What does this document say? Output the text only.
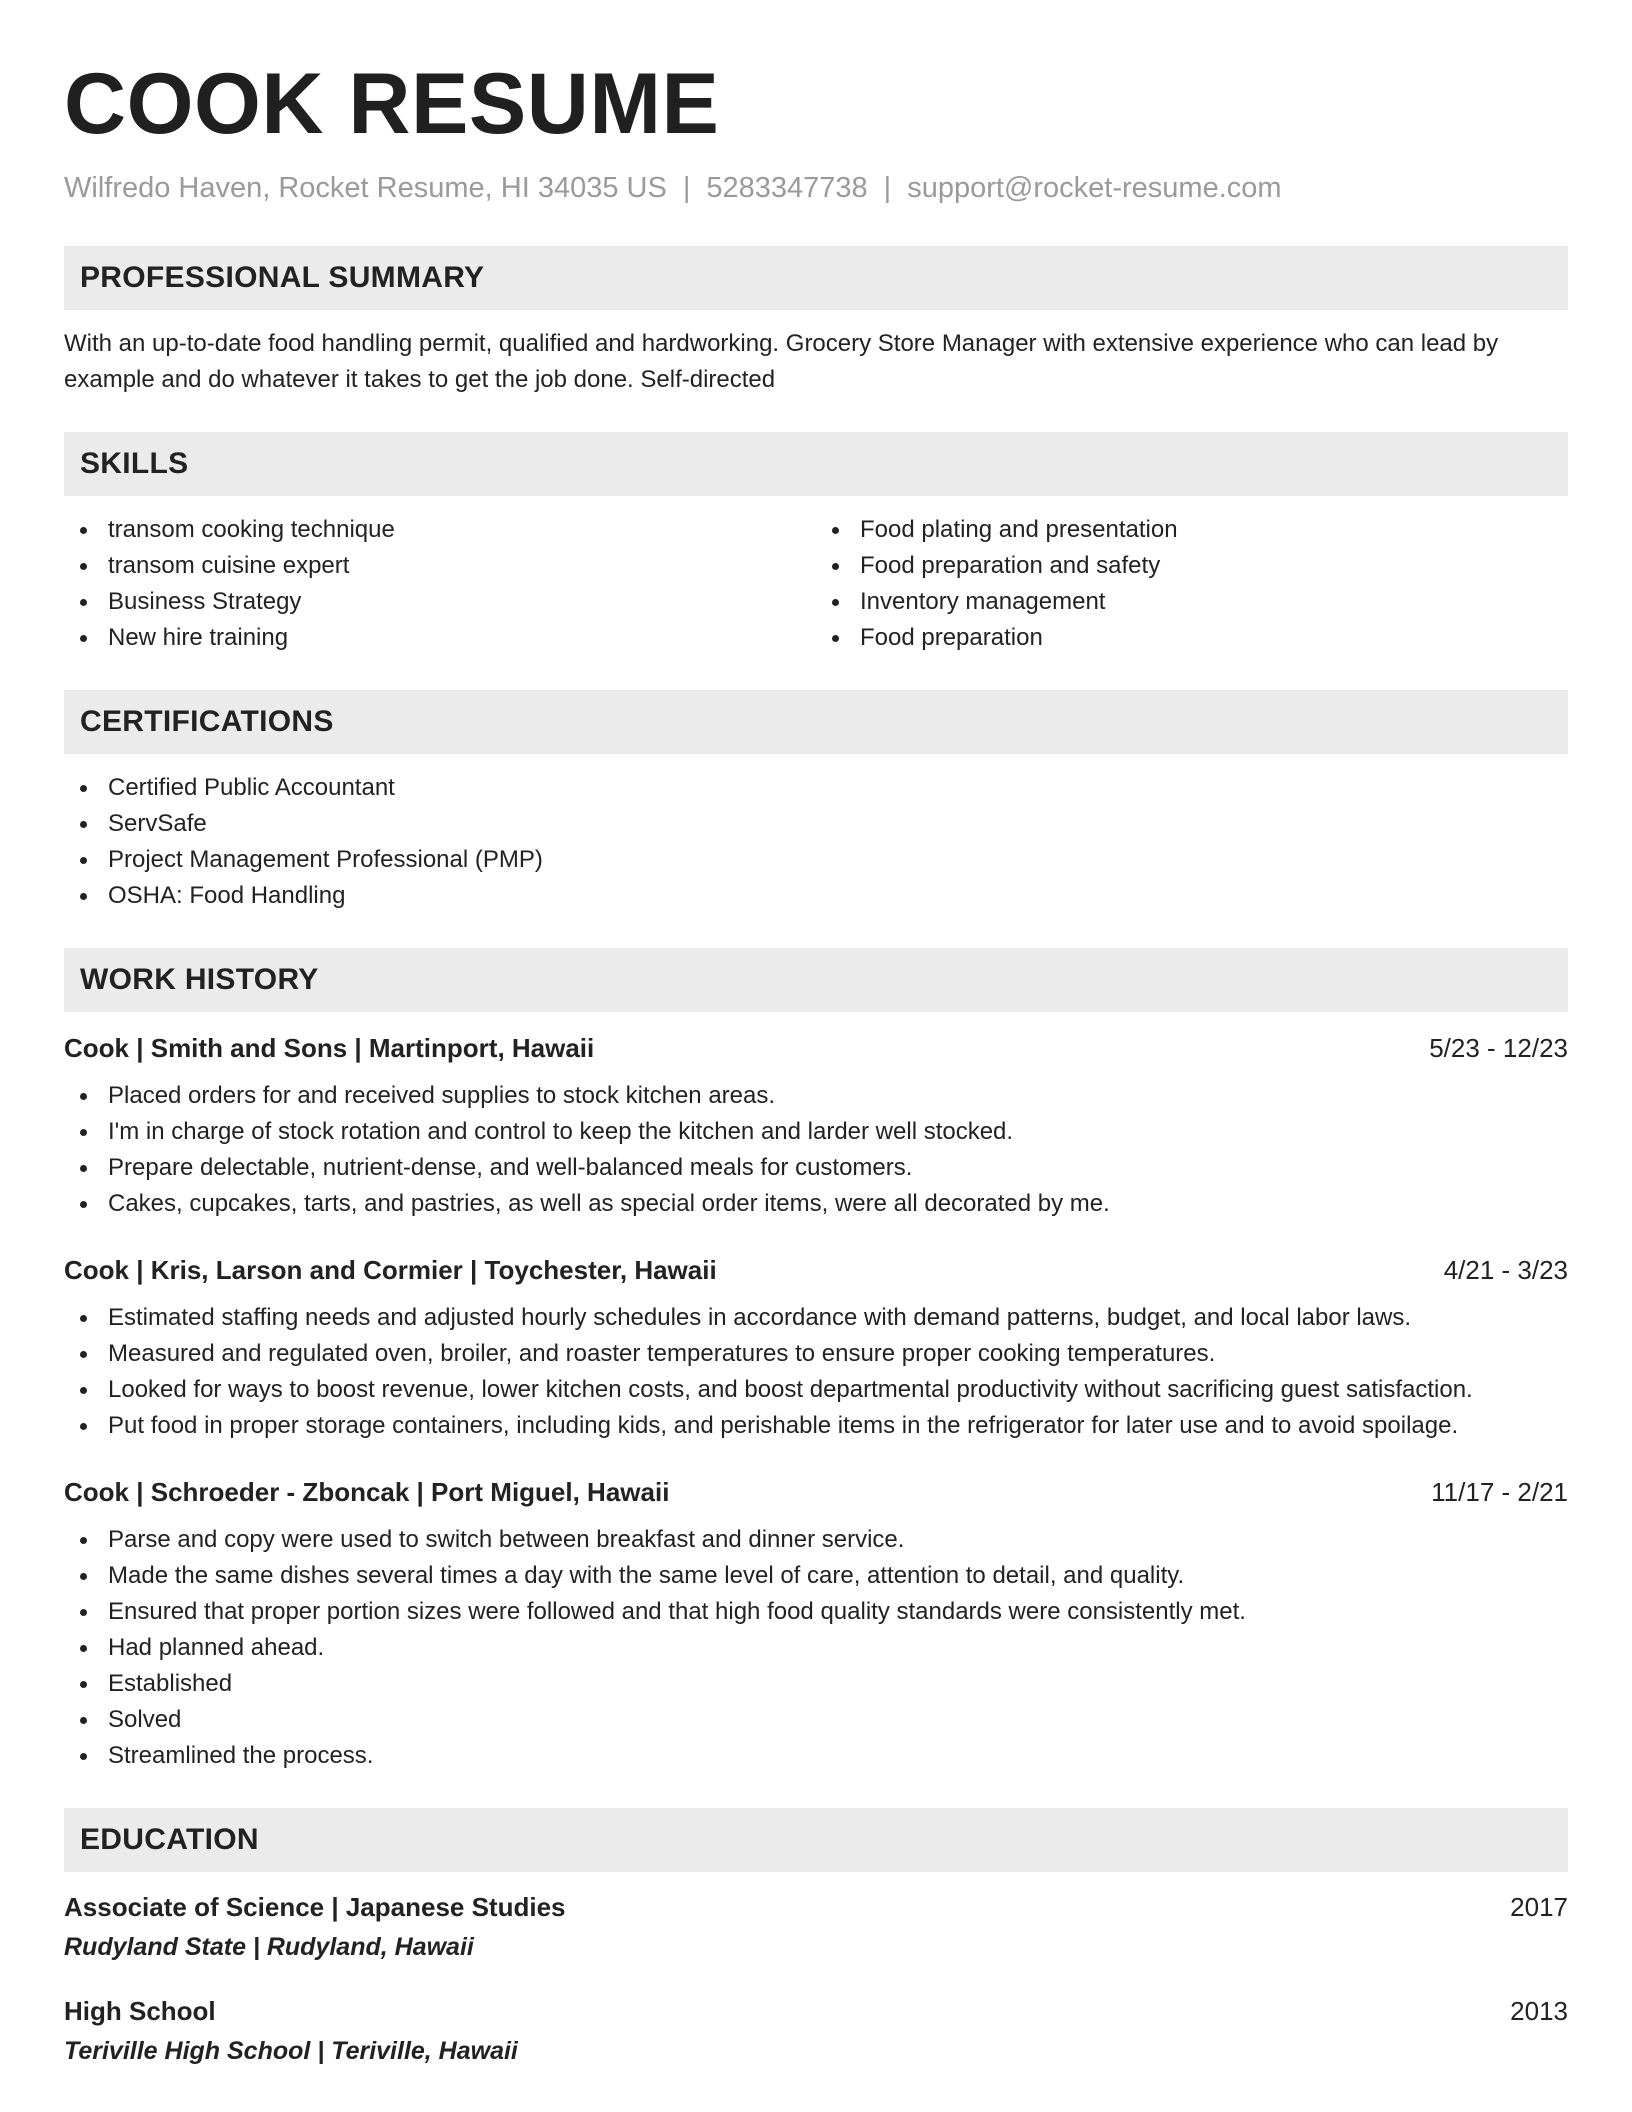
COOK RESUME
Wilfredo Haven, Rocket Resume, HI 34035 US | 5283347738 | support@rocket-resume.com
PROFESSIONAL SUMMARY
With an up-to-date food handling permit, qualified and hardworking. Grocery Store Manager with extensive experience who can lead by example and do whatever it takes to get the job done. Self-directed
SKILLS
transom cooking technique
transom cuisine expert
Business Strategy
New hire training
Food plating and presentation
Food preparation and safety
Inventory management
Food preparation
CERTIFICATIONS
Certified Public Accountant
ServSafe
Project Management Professional (PMP)
OSHA: Food Handling
WORK HISTORY
Cook | Smith and Sons | Martinport, Hawaii	5/23 - 12/23
Placed orders for and received supplies to stock kitchen areas.
I'm in charge of stock rotation and control to keep the kitchen and larder well stocked.
Prepare delectable, nutrient-dense, and well-balanced meals for customers.
Cakes, cupcakes, tarts, and pastries, as well as special order items, were all decorated by me.
Cook | Kris, Larson and Cormier | Toychester, Hawaii	4/21 - 3/23
Estimated staffing needs and adjusted hourly schedules in accordance with demand patterns, budget, and local labor laws.
Measured and regulated oven, broiler, and roaster temperatures to ensure proper cooking temperatures.
Looked for ways to boost revenue, lower kitchen costs, and boost departmental productivity without sacrificing guest satisfaction.
Put food in proper storage containers, including kids, and perishable items in the refrigerator for later use and to avoid spoilage.
Cook | Schroeder - Zboncak | Port Miguel, Hawaii	11/17 - 2/21
Parse and copy were used to switch between breakfast and dinner service.
Made the same dishes several times a day with the same level of care, attention to detail, and quality.
Ensured that proper portion sizes were followed and that high food quality standards were consistently met.
Had planned ahead.
Established
Solved
Streamlined the process.
EDUCATION
Associate of Science | Japanese Studies	2017
Rudyland State | Rudyland, Hawaii
High School	2013
Teriville High School | Teriville, Hawaii
